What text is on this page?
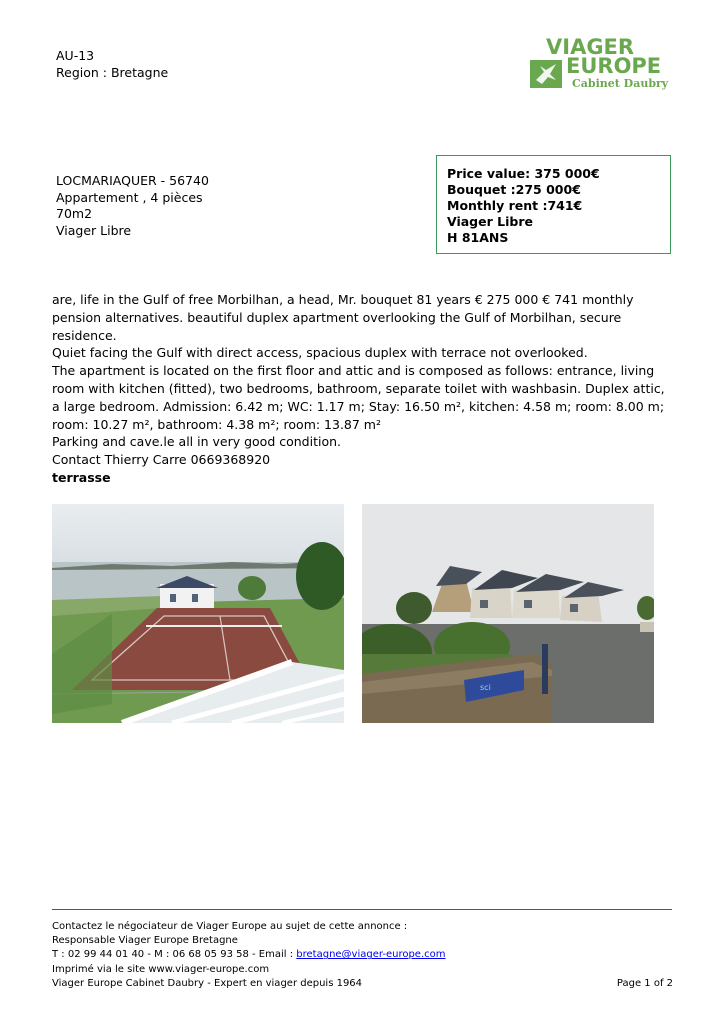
AU-13
Region : Bretagne
VIAGER
EUROPE
Cabinet Daubry
LOCMARIAQUER - 56740
Appartement , 4 pièces
70m2
Viager Libre
Price value: 375 000€
Bouquet :275 000€
Monthly rent :741€
Viager Libre
H 81ANS
are, life in the Gulf of free Morbilhan, a head, Mr. bouquet 81 years € 275 000 € 741 monthly pension alternatives. beautiful duplex apartment overlooking the Gulf of Morbilhan, secure residence.
Quiet facing the Gulf with direct access, spacious duplex with terrace not overlooked.
The apartment is located on the first floor and attic and is composed as follows: entrance, living room with kitchen (fitted), two bedrooms, bathroom, separate toilet with washbasin. Duplex attic, a large bedroom. Admission: 6.42 m; WC: 1.17 m; Stay: 16.50 m², kitchen: 4.58 m; room: 8.00 m; room: 10.27 m², bathroom: 4.38 m²; room: 13.87 m²
Parking and cave.le all in very good condition.
Contact Thierry Carre 0669368920
terrasse
sci
Contactez le négociateur de Viager Europe au sujet de cette annonce :
Responsable Viager Europe Bretagne
T : 02 99 44 01 40 - M : 06 68 05 93 58 - Email : bretagne@viager-europe.com
Imprimé via le site www.viager-europe.com
Viager Europe Cabinet Daubry - Expert en viager depuis 1964	Page 1 of 2
